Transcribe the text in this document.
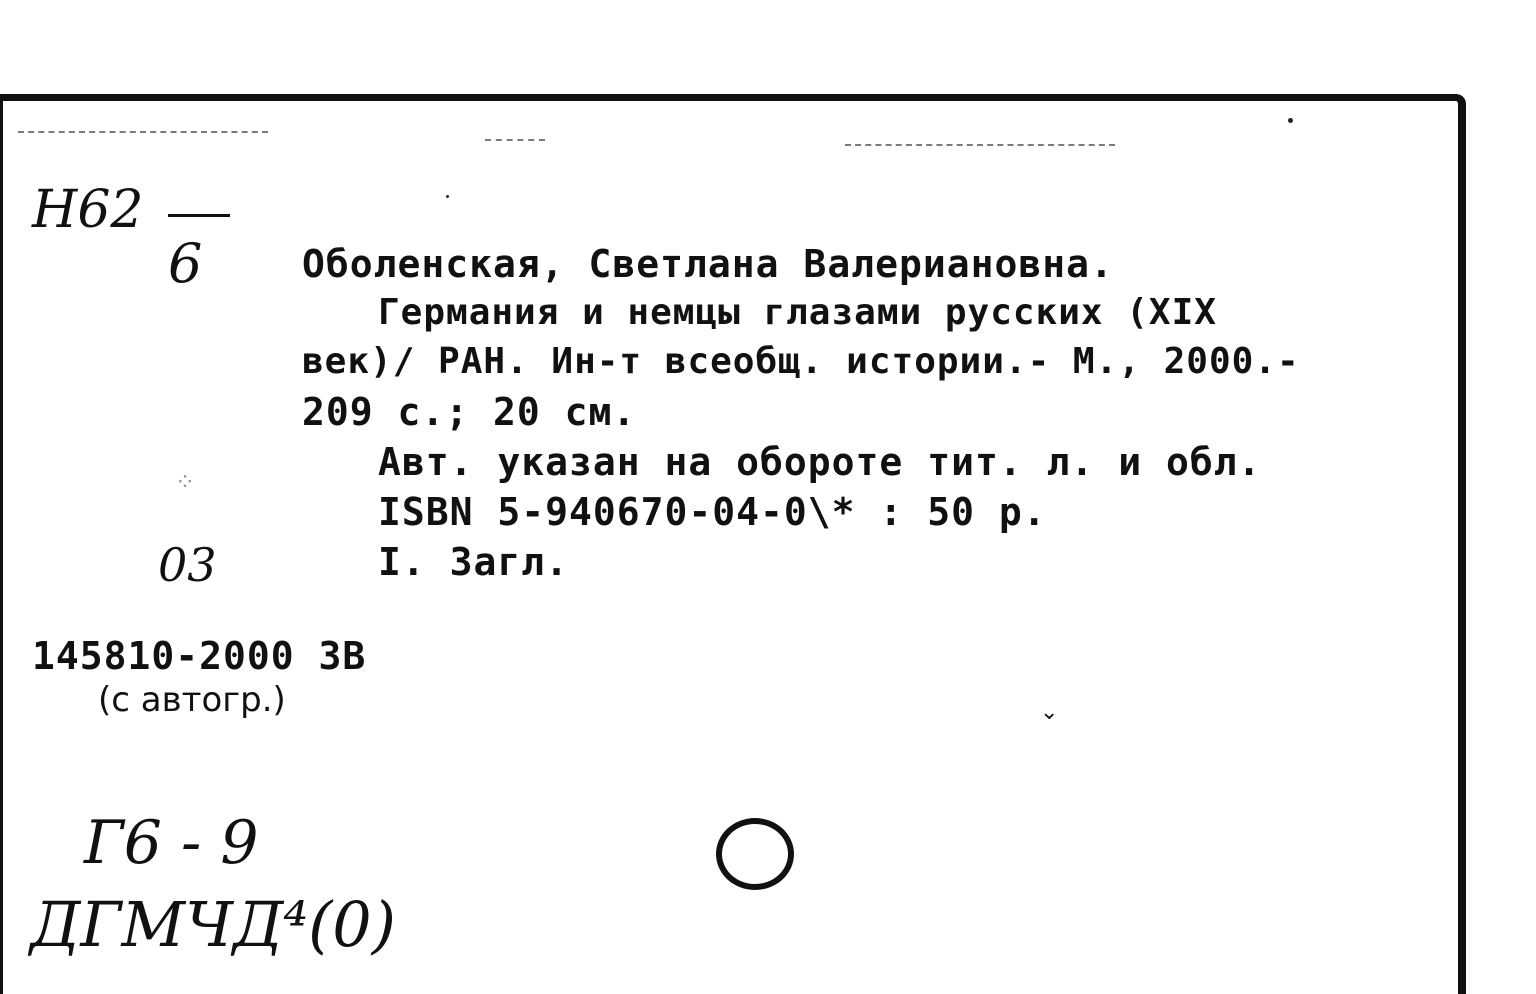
Н62
6	Оболенская, Светлана Валериановна.
Германия и немцы глазами русских (XIX
век)/ РАН. Ин-т всеобщ. истории.- М., 2000.-
209 с.; 20 см.
Авт. указан на обороте тит. л. и обл.
ISBN 5-940670-04-0\* : 50 р.
I. Загл.
⁘
03
145810-2000 3В
(с автогр.)	⌄
Г6 - 9
ДГМЧД⁴(0)
